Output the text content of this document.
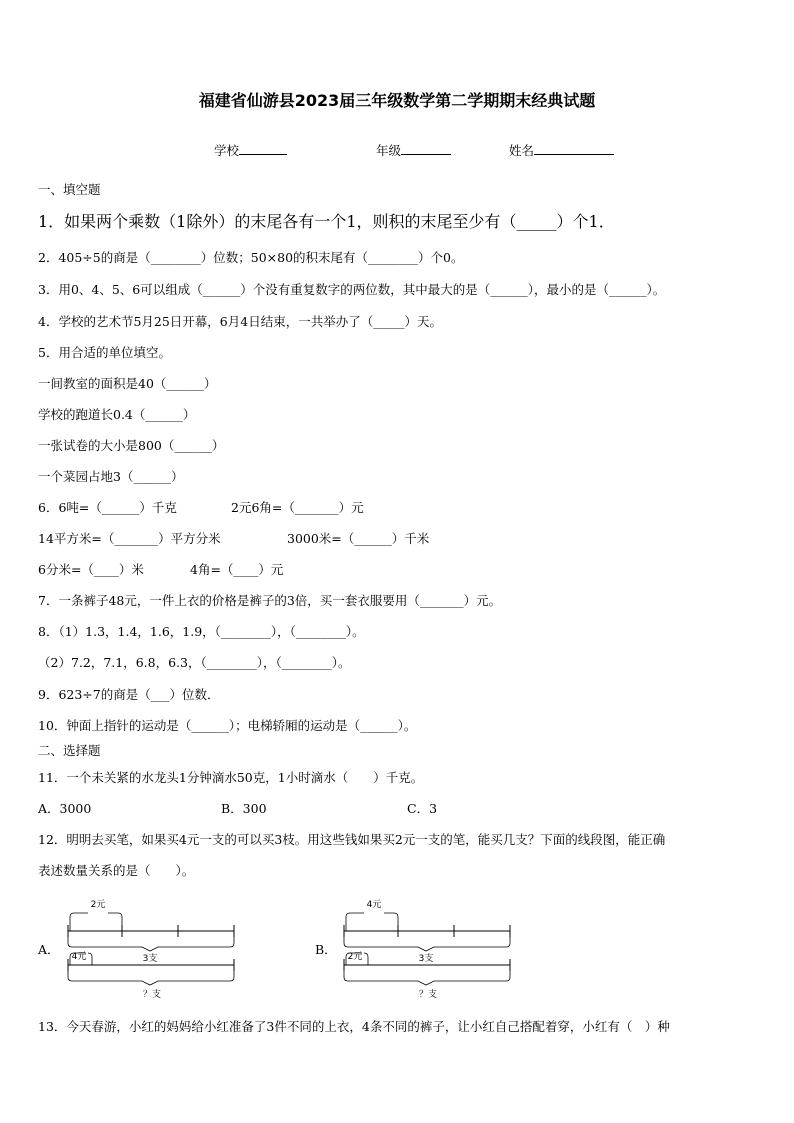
福建省仙游县2023届三年级数学第二学期期末经典试题
学校	年级	姓名
一、填空题
1．如果两个乘数（1除外）的末尾各有一个1，则积的末尾至少有（_____）个1．
2．405÷5的商是（________）位数；50×80的积末尾有（________）个0。
3．用0、4、5、6可以组成（______）个没有重复数字的两位数，其中最大的是（______），最小的是（______）。
4．学校的艺术节5月25日开幕，6月4日结束，一共举办了（_____）天。
5．用合适的单位填空。
一间教室的面积是40（______）
学校的跑道长0.4（______）
一张试卷的大小是800（______）
一个菜园占地3（______）
6．6吨=（______）千克	2元6角=（_______）元
14平方米=（_______）平方分米	3000米=（______）千米
6分米=（____）米	4角=（____）元
7．一条裤子48元，一件上衣的价格是裤子的3倍，买一套衣服要用（_______）元。
8．（1）1.3，1.4，1.6，1.9，（________），（________）。
（2）7.2，7.1，6.8，6.3，（________），（________）。
9．623÷7的商是（___）位数．
10．钟面上指针的运动是（______）；电梯轿厢的运动是（______）。
二、选择题
11．一个未关紧的水龙头1分钟滴水50克，1小时滴水（　　）千克。
A．3000	B．300	C．3
12．明明去买笔，如果买4元一支的可以买3枝。用这些钱如果买2元一支的笔，能买几支？下面的线段图，能正确
表述数量关系的是（　　）。
A．
2元
3支
4元
？支
B．
4元
3支
2元
？支
13．今天春游，小红的妈妈给小红准备了3件不同的上衣，4条不同的裤子，让小红自己搭配着穿，小红有（　）种
